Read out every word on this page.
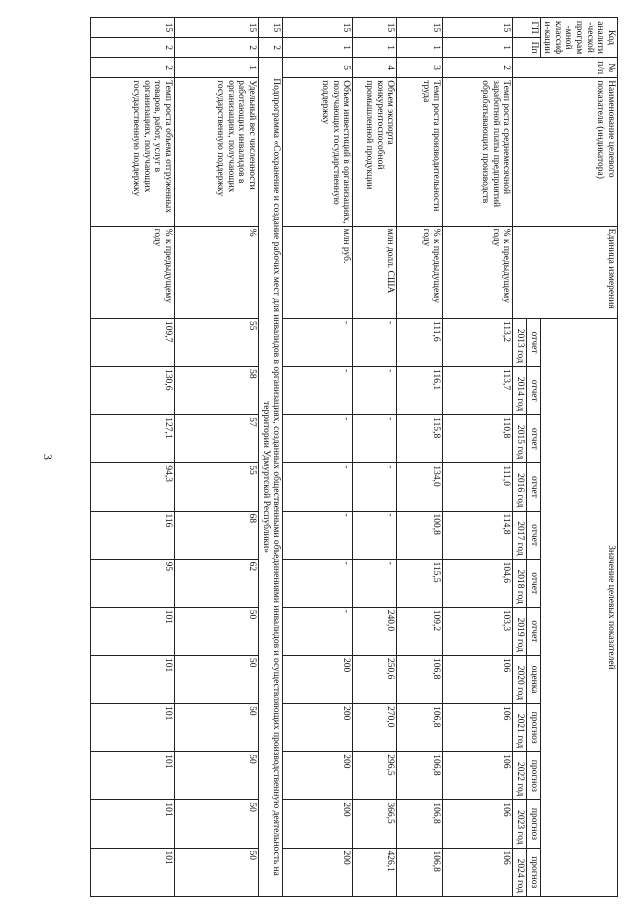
3
Код аналити-ческой програм-мной классифи-кации		№ п/п	Наименование целевого показателя (индикатора)	Единица измерения	Значение целевых показателей											
ГП	Пп				отчет	отчет	отчет	отчет	отчет	отчет	отчет	оценка	прогноз	прогноз	прогноз	прогноз
					2013 год	2014 год	2015 год	2016 год	2017 год	2018 год	2019 год	2020 год	2021 год	2022 год	2023 год	2024 год
15	1	2	Темп роста среднемесячной заработной платы предприятий обрабатывающих производств	% к предыдущему году	113,2	113,7	110,8	111,0	114,8	104,6	103,3	106	106	106	106	106
15	1	3	Темп роста производительности труда	% к предыдущему году	111,6	116,1	115,8	134,0	100,8	115,5	109,2	106,8	106,8	106,8	106,8	106,8
15	1	4	Объем экспорта конкурентоспособной промышленной продукции	млн долл. США	-	-	-	-	-	-	240,0	250,6	270,0	296,5	366,5	426,1
15	1	5	Объем инвестиций в организациях, получающих государственную поддержку	млн руб.	-	-	-	-	-	-	-	200	200	200	200	200
15	2	Подпрограмма «Сохранение и создание рабочих мест для инвалидов в организациях, созданных общественными объединениями инвалидов и осуществляющих производственную деятельность на территории Удмуртской Республики»														
15	2	1	Удельный вес численности работающих инвалидов в организациях, получающих государственную поддержку	%	55	58	57	55	68	62	50	50	50	50	50	50
15	2	2	Темп роста объема отгруженных товаров, работ, услуг в организациях, получающих государственную поддержку	% к предыдущему году	109,7	130,6	127,1	94,3	116	95	101	101	101	101	101	101
